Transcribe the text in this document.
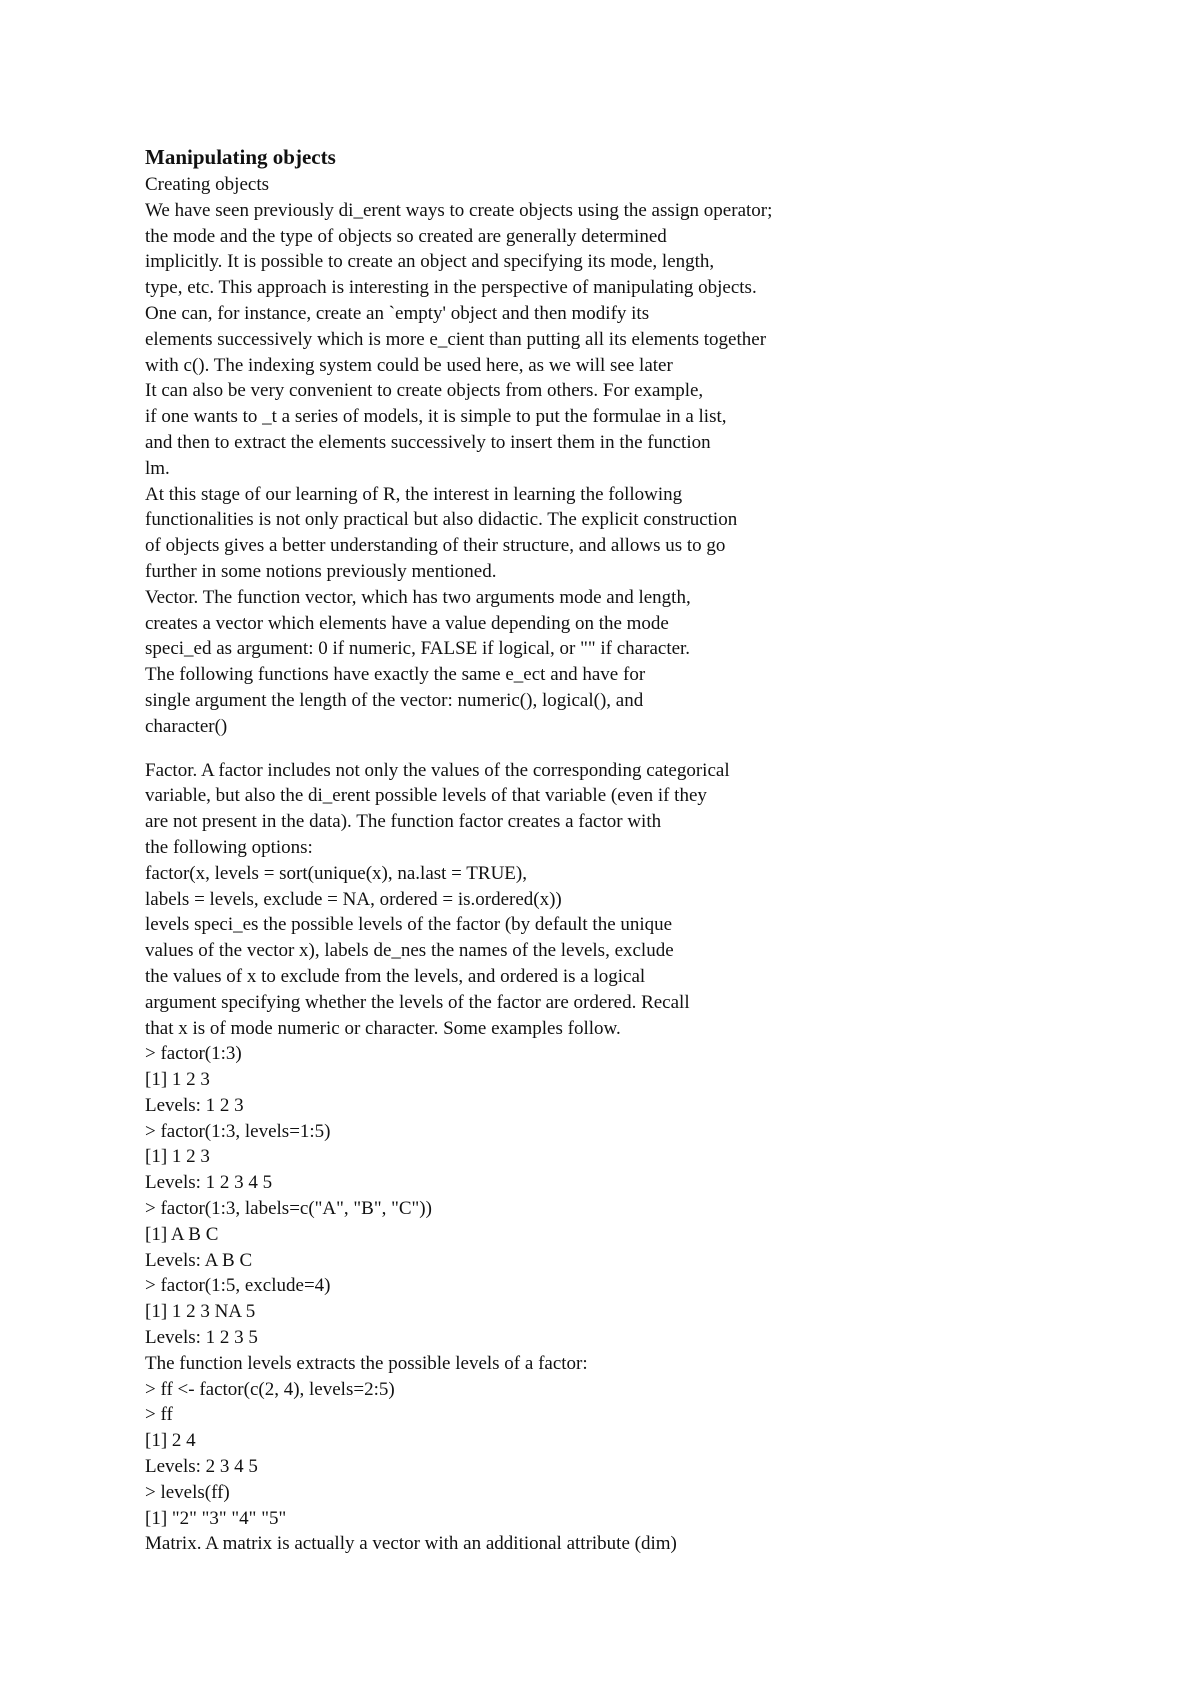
Manipulating objects
Creating objects
We have seen previously di_erent ways to create objects using the assign operator;
the mode and the type of objects so created are generally determined
implicitly. It is possible to create an object and specifying its mode, length,
type, etc. This approach is interesting in the perspective of manipulating objects.
One can, for instance, create an `empty' object and then modify its
elements successively which is more e_cient than putting all its elements together
with c(). The indexing system could be used here, as we will see later
It can also be very convenient to create objects from others. For example,
if one wants to _t a series of models, it is simple to put the formulae in a list,
and then to extract the elements successively to insert them in the function
lm.
At this stage of our learning of R, the interest in learning the following
functionalities is not only practical but also didactic. The explicit construction
of objects gives a better understanding of their structure, and allows us to go
further in some notions previously mentioned.
Vector. The function vector, which has two arguments mode and length,
creates a vector which elements have a value depending on the mode
speci_ed as argument: 0 if numeric, FALSE if logical, or "" if character.
The following functions have exactly the same e_ect and have for
single argument the length of the vector: numeric(), logical(), and
character()
Factor. A factor includes not only the values of the corresponding categorical
variable, but also the di_erent possible levels of that variable (even if they
are not present in the data). The function factor creates a factor with
the following options:
factor(x, levels = sort(unique(x), na.last = TRUE),
labels = levels, exclude = NA, ordered = is.ordered(x))
levels speci_es the possible levels of the factor (by default the unique
values of the vector x), labels de_nes the names of the levels, exclude
the values of x to exclude from the levels, and ordered is a logical
argument specifying whether the levels of the factor are ordered. Recall
that x is of mode numeric or character. Some examples follow.
> factor(1:3)
[1] 1 2 3
Levels: 1 2 3
> factor(1:3, levels=1:5)
[1] 1 2 3
Levels: 1 2 3 4 5
> factor(1:3, labels=c("A", "B", "C"))
[1] A B C
Levels: A B C
> factor(1:5, exclude=4)
[1] 1 2 3 NA 5
Levels: 1 2 3 5
The function levels extracts the possible levels of a factor:
> ff <- factor(c(2, 4), levels=2:5)
> ff
[1] 2 4
Levels: 2 3 4 5
> levels(ff)
[1] "2" "3" "4" "5"
Matrix. A matrix is actually a vector with an additional attribute (dim)
